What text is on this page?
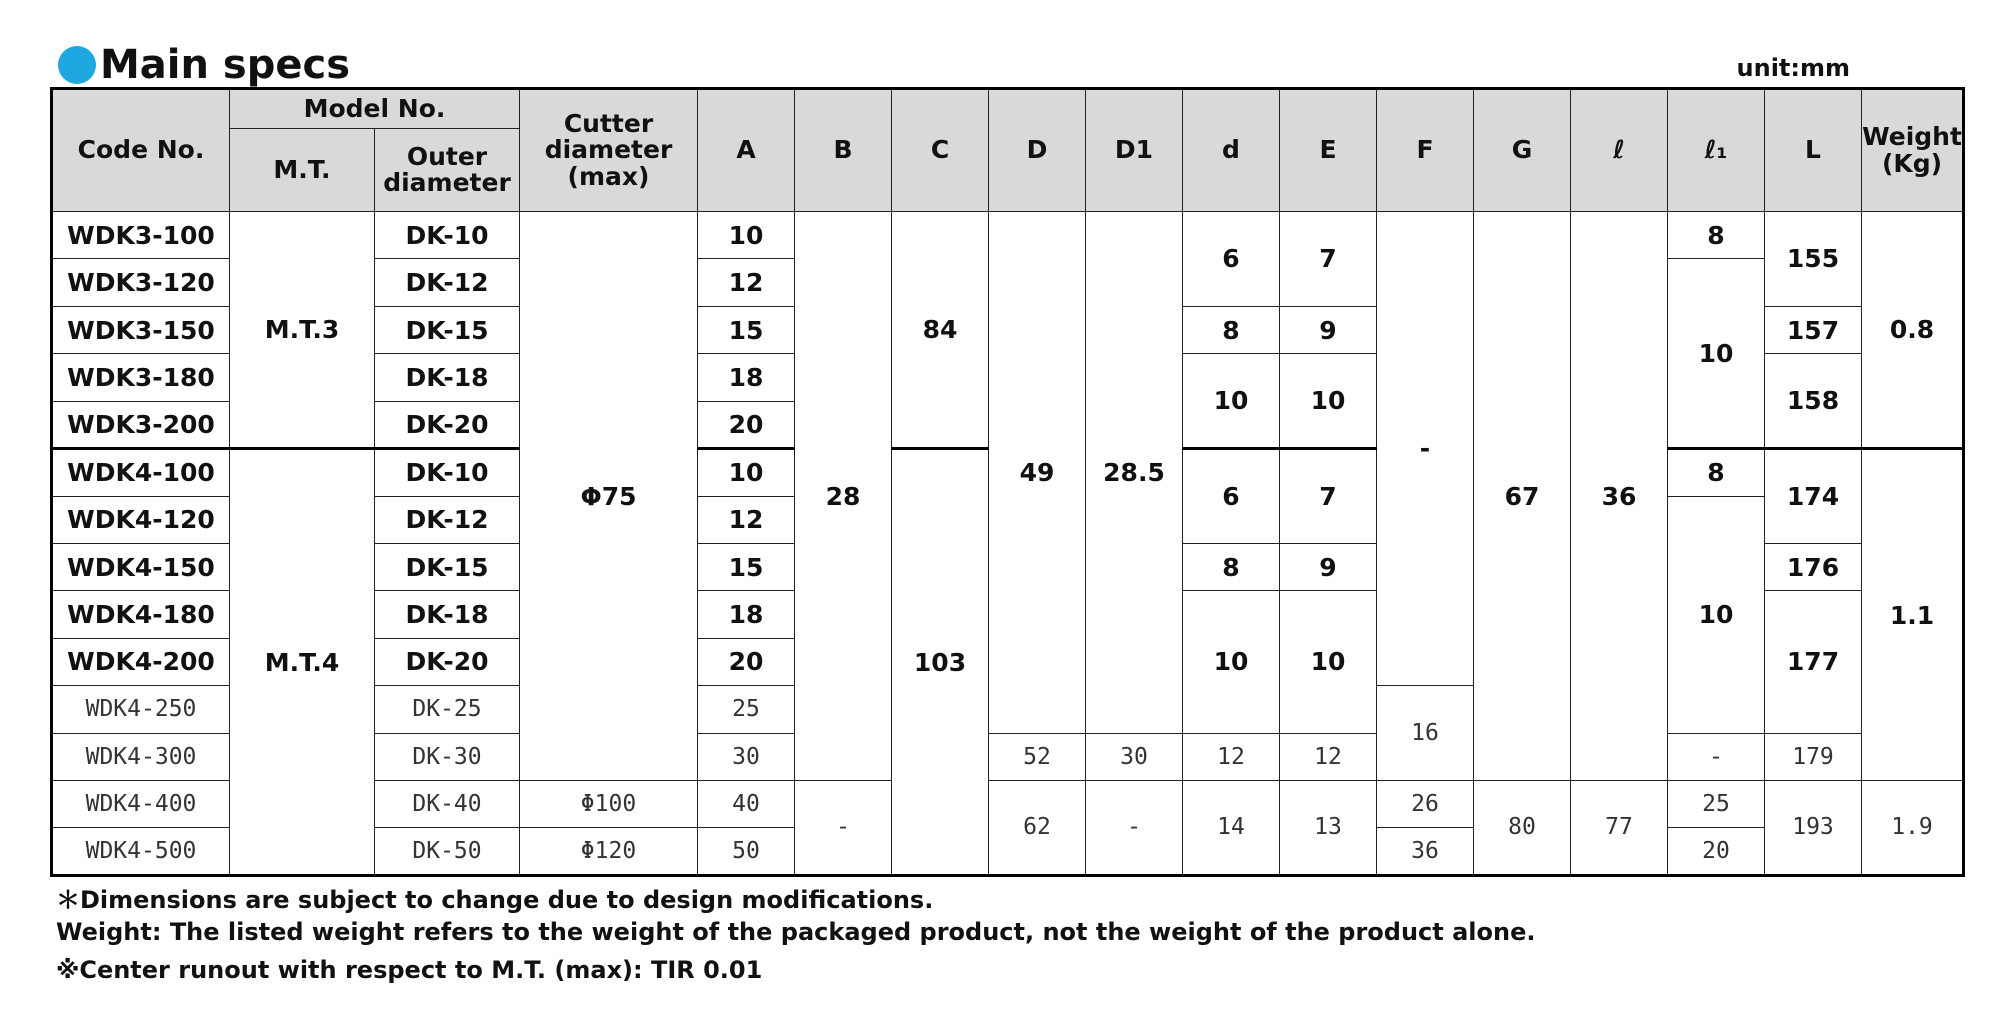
Main specs	unit:mm
Code No.	Model No.		Cutter diameter (max)	A	B	C	D	D1	d	E	F	G	ℓ	ℓ₁	L	Weight (Kg)
	M.T.	Outer diameter														
WDK3-100	M.T.3	DK-10	Φ75	10	28	84	49	28.5	6	7	-	67	36	8	155	0.8
WDK3-120		DK-12		12										10		
WDK3-150		DK-15		15					8	9					157	
WDK3-180		DK-18		18					10	10					158	
WDK3-200		DK-20		20												
WDK4-100	M.T.4	DK-10		10		103			6	7				8	174	1.1
WDK4-120		DK-12		12										10		
WDK4-150		DK-15		15					8	9					176	
WDK4-180		DK-18		18					10	10					177	
WDK4-200		DK-20		20												
WDK4-250		DK-25		25							16					
WDK4-300		DK-30		30			52	30	12	12				-	179	
WDK4-400		DK-40	Φ100	40	-		62	-	14	13	26	80	77	25	193	1.9
WDK4-500		DK-50	Φ120	50							36			20		
＊Dimensions are subject to change due to design modifications.
Weight: The listed weight refers to the weight of the packaged product, not the weight of the product alone.
※Center runout with respect to M.T. (max): TIR 0.01
